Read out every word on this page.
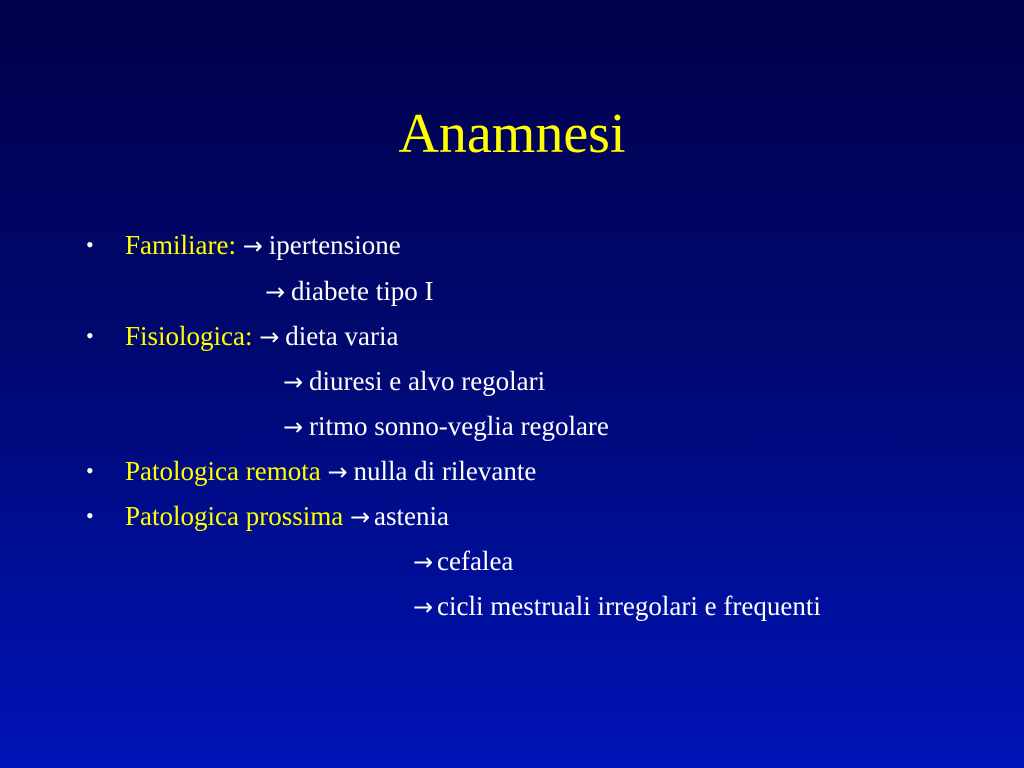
Anamnesi
• Familiare: → ipertensione
→ diabete tipo I
• Fisiologica: → dieta varia
→ diuresi e alvo regolari
→ ritmo sonno-veglia regolare
• Patologica remota → nulla di rilevante
• Patologica prossima → astenia
→ cefalea
→ cicli mestruali irregolari e frequenti
